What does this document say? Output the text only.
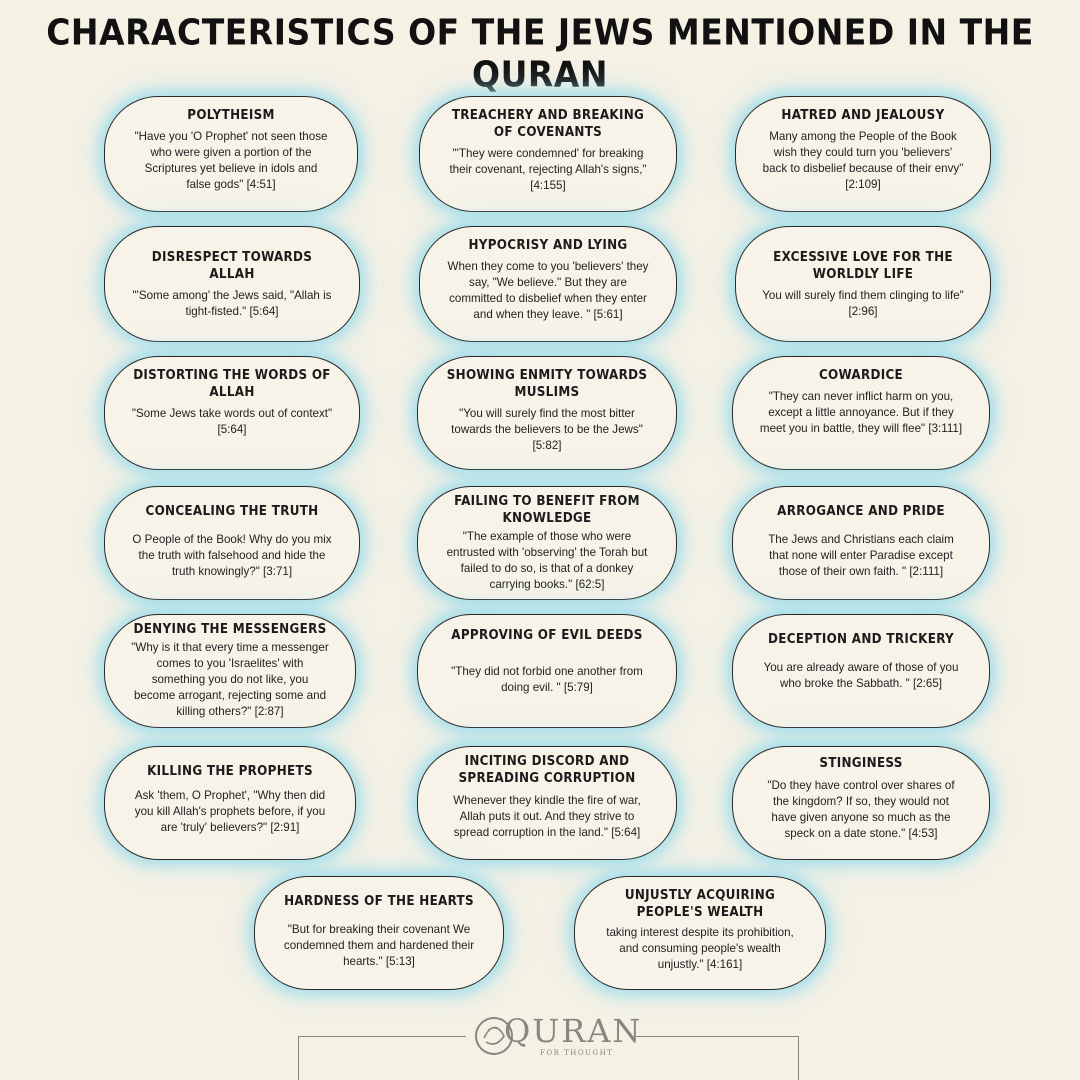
CHARACTERISTICS OF THE JEWS MENTIONED IN THE QURAN
POLYTHEISM
"Have you 'O Prophet' not seen those who were given a portion of the Scriptures yet believe in idols and false gods" [4:51]
TREACHERY AND BREAKING OF COVENANTS
"'They were condemned' for breaking their covenant, rejecting Allah's signs," [4:155]
HATRED AND JEALOUSY
Many among the People of the Book wish they could turn you 'believers' back to disbelief because of their envy" [2:109]
DISRESPECT TOWARDS ALLAH
"'Some among' the Jews said, "Allah is tight-fisted." [5:64]
HYPOCRISY AND LYING
When they come to you 'believers' they say, "We believe." But they are committed to disbelief when they enter and when they leave. " [5:61]
EXCESSIVE LOVE FOR THE WORLDLY LIFE
You will surely find them clinging to life" [2:96]
DISTORTING THE WORDS OF ALLAH
"Some Jews take words out of context" [5:64]
SHOWING ENMITY TOWARDS MUSLIMS
"You will surely find the most bitter towards the believers to be the Jews" [5:82]
COWARDICE
"They can never inflict harm on you, except a little annoyance. But if they meet you in battle, they will flee" [3:111]
CONCEALING THE TRUTH
O People of the Book! Why do you mix the truth with falsehood and hide the truth knowingly?" [3:71]
FAILING TO BENEFIT FROM KNOWLEDGE
"The example of those who were entrusted with 'observing' the Torah but failed to do so, is that of a donkey carrying books." [62:5]
ARROGANCE AND PRIDE
The Jews and Christians each claim that none will enter Paradise except those of their own faith. " [2:111]
DENYING THE MESSENGERS
"Why is it that every time a messenger comes to you 'Israelites' with something you do not like, you become arrogant, rejecting some and killing others?" [2:87]
APPROVING OF EVIL DEEDS
"They did not forbid one another from doing evil. " [5:79]
DECEPTION AND TRICKERY
You are already aware of those of you who broke the Sabbath. " [2:65]
KILLING THE PROPHETS
Ask 'them, O Prophet', "Why then did you kill Allah's prophets before, if you are 'truly' believers?" [2:91]
INCITING DISCORD AND SPREADING CORRUPTION
Whenever they kindle the fire of war, Allah puts it out. And they strive to spread corruption in the land." [5:64]
STINGINESS
"Do they have control over shares of the kingdom? If so, they would not have given anyone so much as the speck on a date stone." [4:53]
HARDNESS OF THE HEARTS
"But for breaking their covenant We condemned them and hardened their hearts." [5:13]
UNJUSTLY ACQUIRING PEOPLE'S WEALTH
taking interest despite its prohibition, and consuming people's wealth unjustly." [4:161]
QURAN
FOR THOUGHT
